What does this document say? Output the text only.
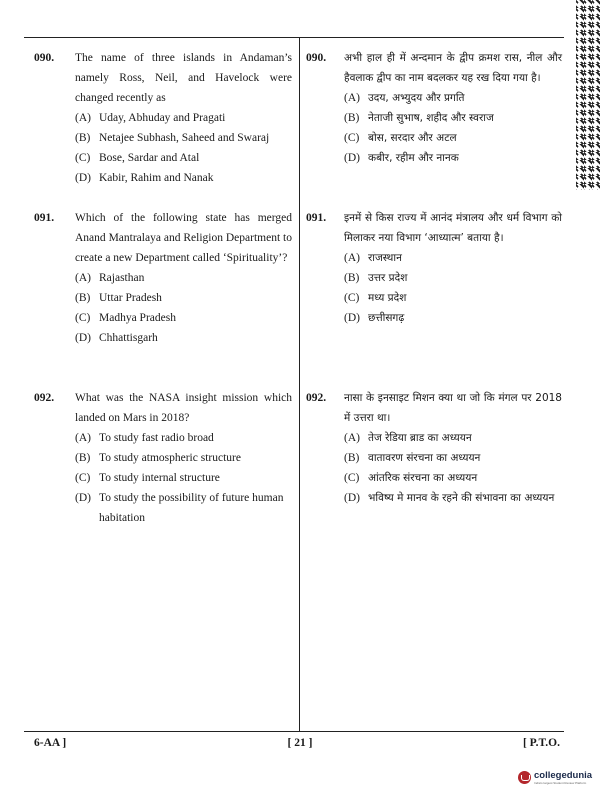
090.	The name of three islands in Andaman’s namely Ross, Neil, and Havelock were changed recently as
(A) Uday, Abhuday and Pragati
(B) Netajee Subhash, Saheed and Swaraj
(C) Bose, Sardar and Atal
(D) Kabir, Rahim and Nanak
091.	Which of the following state has merged Anand Mantralaya and Religion Department to create a new Department called ‘Spirituality’?
(A) Rajasthan
(B) Uttar Pradesh
(C) Madhya Pradesh
(D) Chhattisgarh
092.	What was the NASA insight mission which landed on Mars in 2018?
(A) To study fast radio broad
(B) To study atmospheric structure
(C) To study internal structure
(D) To study the possibility of future human habitation
090.	अभी हाल ही में अन्दमान के द्वीप क्रमश रास, नील और हैवलाक द्वीप का नाम बदलकर यह रख दिया गया है।
(A) उदय, अभ्युदय और प्रगति
(B) नेताजी सुभाष, शहीद और स्वराज
(C) बोस, सरदार और अटल
(D) कबीर, रहीम और नानक
091.	इनमें से किस राज्य में आनंद मंत्रालय और धर्म विभाग को मिलाकर नया विभाग ‘आध्यात्म’ बताया है।
(A) राजस्थान
(B) उत्तर प्रदेश
(C) मध्य प्रदेश
(D) छत्तीसगढ़
092.	नासा के इनसाइट मिशन क्या था जो कि मंगल पर 2018 में उत्तरा था।
(A) तेज रेडिया ब्राड का अध्ययन
(B) वातावरण संरचना का अध्ययन
(C) आंतरिक संरचना का अध्ययन
(D) भविष्य मे मानव के रहने की संभावना का अध्ययन
6-AA ]	[ 21 ]	[ P.T.O.
collegedunia
India's largest Student Review Platform
